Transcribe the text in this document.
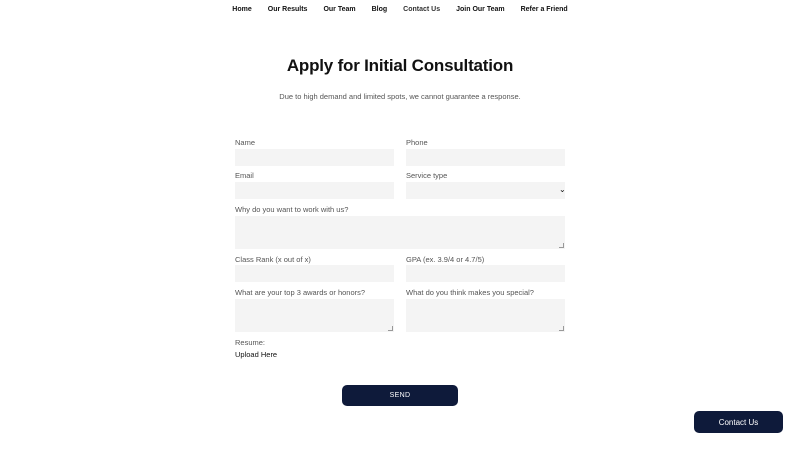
Home	Our Results	Our Team	Blog	Contact Us	Join Our Team	Refer a Friend
Apply for Initial Consultation

Due to high demand and limited spots, we cannot guarantee a response.

Name	Phone
Email	Service type
⌄
Why do you want to work with us?
Class Rank (x out of x)	GPA (ex. 3.9/4 or 4.7/5)
What are your top 3 awards or honors?	What do you think makes you special?
Resume:
Upload Here
SEND
Contact Us
